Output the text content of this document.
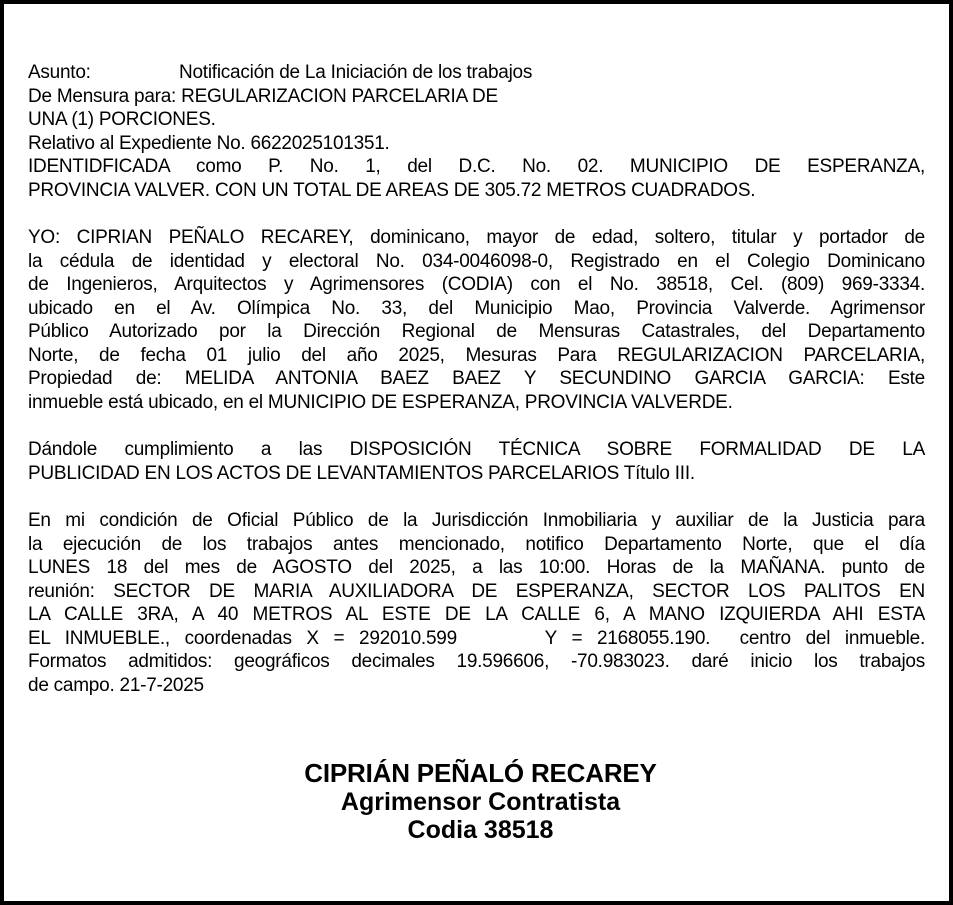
Asunto:	Notificación de La Iniciación de los trabajos
De Mensura para: REGULARIZACION PARCELARIA DE
UNA (1) PORCIONES.
Relativo al Expediente No. 6622025101351.
IDENTIDFICADA como P. No. 1, del D.C. No. 02. MUNICIPIO DE ESPERANZA,
PROVINCIA VALVER. CON UN TOTAL DE AREAS DE 305.72 METROS CUADRADOS.
YO: CIPRIAN PEÑALO RECAREY, dominicano, mayor de edad, soltero, titular y portador de
la cédula de identidad y electoral No. 034-0046098-0, Registrado en el Colegio Dominicano
de Ingenieros, Arquitectos y Agrimensores (CODIA) con el No. 38518, Cel. (809) 969-3334.
ubicado en el Av. Olímpica No. 33, del Municipio Mao, Provincia Valverde. Agrimensor
Público Autorizado por la Dirección Regional de Mensuras Catastrales, del Departamento
Norte, de fecha 01 julio del año 2025, Mesuras Para REGULARIZACION PARCELARIA,
Propiedad de: MELIDA ANTONIA BAEZ BAEZ Y SECUNDINO GARCIA GARCIA: Este
inmueble está ubicado, en el MUNICIPIO DE ESPERANZA, PROVINCIA VALVERDE.
Dándole cumplimiento a las DISPOSICIÓN TÉCNICA SOBRE FORMALIDAD DE LA
PUBLICIDAD EN LOS ACTOS DE LEVANTAMIENTOS PARCELARIOS Título III.
En mi condición de Oficial Público de la Jurisdicción Inmobiliaria y auxiliar de la Justicia para
la ejecución de los trabajos antes mencionado, notifico Departamento Norte, que el día
LUNES 18 del mes de AGOSTO del 2025, a las 10:00. Horas de la MAÑANA. punto de
reunión: SECTOR DE MARIA AUXILIADORA DE ESPERANZA, SECTOR LOS PALITOS EN
LA CALLE 3RA, A 40 METROS AL ESTE DE LA CALLE 6, A MANO IZQUIERDA AHI ESTA
EL INMUEBLE., coordenadas X = 292010.599      Y = 2168055.190.  centro del inmueble.
Formatos admitidos: geográficos decimales 19.596606, -70.983023. daré inicio los trabajos
de campo. 21-7-2025
CIPRIÁN PEÑALÓ RECAREY
Agrimensor Contratista
Codia 38518
